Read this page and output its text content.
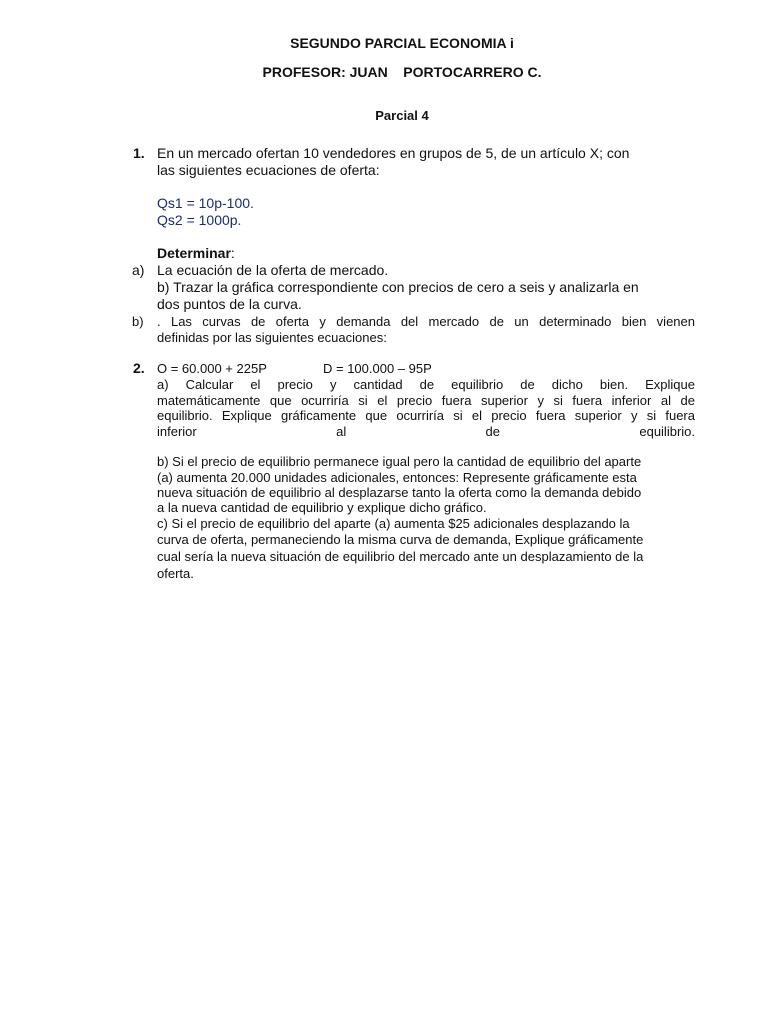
SEGUNDO PARCIAL ECONOMIA i
PROFESOR: JUAN    PORTOCARRERO C.
Parcial 4
1. En un mercado ofertan 10 vendedores en grupos de 5, de un artículo X; con
las siguientes ecuaciones de oferta:
Qs1 = 10p-100.
Qs2 = 1000p.
Determinar:
a) La ecuación de la oferta de mercado.
b) Trazar la gráfica correspondiente con precios de cero a seis y analizarla en
dos puntos de la curva.
b) . Las curvas de oferta y demanda del mercado de un determinado bien vienen
definidas por las siguientes ecuaciones:
2. O = 60.000 + 225P	D = 100.000 – 95P
a) Calcular el precio y cantidad de equilibrio de dicho bien. Explique
matemáticamente que ocurriría si el precio fuera superior y si fuera inferior al de
equilibrio. Explique gráficamente que ocurriría si el precio fuera superior y si fuera
inferior al de equilibrio.
b) Si el precio de equilibrio permanece igual pero la cantidad de equilibrio del aparte
(a) aumenta 20.000 unidades adicionales, entonces: Represente gráficamente esta
nueva situación de equilibrio al desplazarse tanto la oferta como la demanda debido
a la nueva cantidad de equilibrio y explique dicho gráfico.
c) Si el precio de equilibrio del aparte (a) aumenta $25 adicionales desplazando la
curva de oferta, permaneciendo la misma curva de demanda, Explique gráficamente
cual sería la nueva situación de equilibrio del mercado ante un desplazamiento de la
oferta.
